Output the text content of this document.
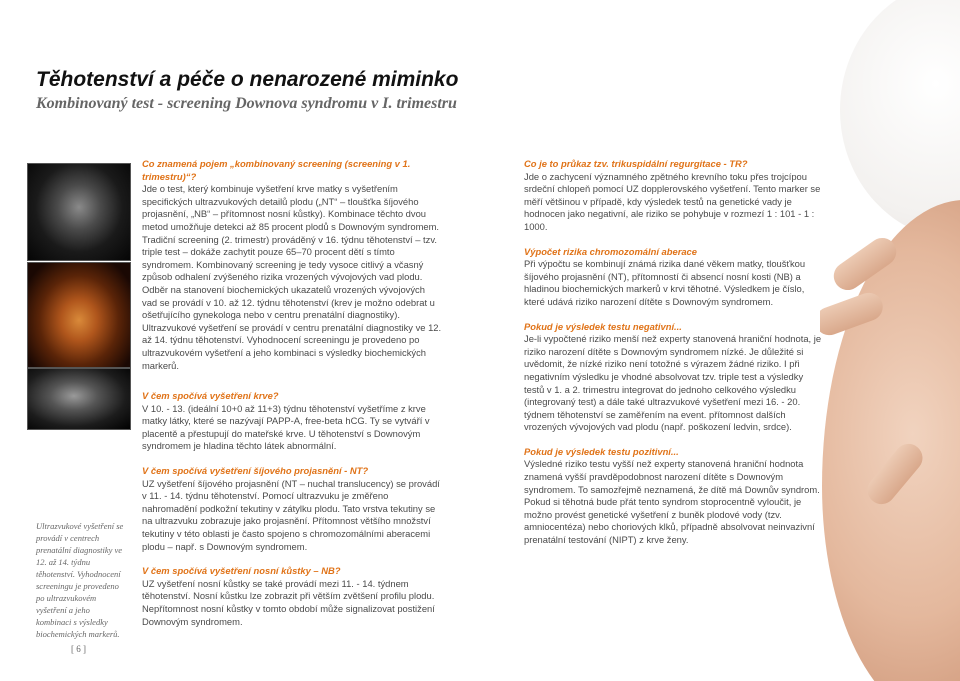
Těhotenství a péče o nenarozené miminko
Kombinovaný test - screening Downova syndromu v I. trimestru
Ultrazvukové vyšetření se provádí v centrech prenatální diagnostiky ve 12. až 14. týdnu těhotenství. Vyhodnocení screeningu je provedeno po ultrazvukovém vyšetření a jeho kombinaci s výsledky biochemických markerů.
[ 6 ]
Co znamená pojem „kombinovaný screening (screening v 1. trimestru)“?

Jde o test, který kombinuje vyšetření krve matky s vyšetřením specifických ultrazvukových detailů plodu („NT“ – tloušťka šíjového projasnění, „NB“ – přítomnost nosní kůstky). Kombinace těchto dvou metod umožňuje detekci až 85 procent plodů s Downovým syndromem. Tradiční screening (2. trimestr) prováděný v 16. týdnu těhotenství – tzv. triple test – dokáže zachytit pouze 65–70 procent dětí s tímto syndromem. Kombinovaný screening je tedy vysoce citlivý a včasný způsob odhalení zvýšeného rizika vrozených vývojových vad plodu. Odběr na stanovení biochemických ukazatelů vrozených vývojových vad se provádí v 10. až 12. týdnu těhotenství (krev je možno odebrat u ošetřujícího gynekologa nebo v centru prenatální diagnostiky). Ultrazvukové vyšetření se provádí v centru prenatální diagnostiky ve 12. až 14. týdnu těhotenství. Vyhodnocení screeningu je provedeno po ultrazvukovém vyšetření a jeho kombinaci s výsledky biochemických markerů.

V čem spočívá vyšetření krve?

V 10. - 13. (ideální 10+0 až 11+3) týdnu těhotenství vyšetříme z krve matky látky, které se nazývají PAPP-A, free-beta hCG. Ty se vytváří v placentě a přestupují do mateřské krve. U těhotenství s Downovým syndromem je hladina těchto látek abnormální.

V čem spočívá vyšetření šíjového projasnění - NT?

UZ vyšetření šíjového projasnění (NT – nuchal translucency) se provádí v 11. - 14. týdnu těhotenství. Pomocí ultrazvuku je změřeno nahromadění podkožní tekutiny v zátylku plodu. Tato vrstva tekutiny se na ultrazvuku zobrazuje jako projasnění. Přítomnost většího množství tekutiny v této oblasti je často spojeno s chromozomálními aberacemi plodu – např. s Downovým syndromem.

V čem spočívá vyšetření nosní kůstky – NB?

UZ vyšetření nosní kůstky se také provádí mezi 11. - 14. týdnem těhotenství. Nosní kůstku lze zobrazit při větším zvětšení profilu plodu. Nepřítomnost nosní kůstky v tomto období může signalizovat postižení Downovým syndromem.

Co je to průkaz tzv. trikuspidální regurgitace - TR?

Jde o zachycení významného zpětného krevního toku přes trojcípou srdeční chlopeň pomocí UZ dopplerovského vyšetření. Tento marker se měří většinou v případě, kdy výsledek testů na genetické vady je hodnocen jako negativní, ale riziko se pohybuje v rozmezí 1 : 101 - 1 : 1000.

Výpočet rizika chromozomální aberace

Při výpočtu se kombinují známá rizika dané věkem matky, tloušťkou šíjového projasnění (NT), přítomností či absencí nosní kosti (NB) a hladinou biochemických markerů v krvi těhotné. Výsledkem je číslo, které udává riziko narození dítěte s Downovým syndromem.

Pokud je výsledek testu negativní...

Je-li vypočtené riziko menší než experty stanovená hraniční hodnota, je riziko narození dítěte s Downovým syndromem nízké. Je důležité si uvědomit, že nízké riziko není totožné s výrazem žádné riziko. I při negativním výsledku je vhodné absolvovat tzv. triple test a výsledky testů v 1. a 2. trimestru integrovat do jednoho celkového výsledku (integrovaný test) a dále také ultrazvukové vyšetření mezi 16. - 20. týdnem těhotenství se zaměřením na event. přítomnost dalších vrozených vývojových vad plodu (např. poškození ledvin, srdce).

Pokud je výsledek testu pozitivní...

Výsledné riziko testu vyšší než experty stanovená hraniční hodnota znamená vyšší pravděpodobnost narození dítěte s Downovým syndromem. To samozřejmě neznamená, že dítě má Downův syndrom. Pokud si těhotná bude přát tento syndrom stoprocentně vyloučit, je možno provést genetické vyšetření z buněk plodové vody (tzv. amniocentéza) nebo choriových klků, případně absolvovat neinvazivní prenatální testování (NIPT) z krve ženy.
